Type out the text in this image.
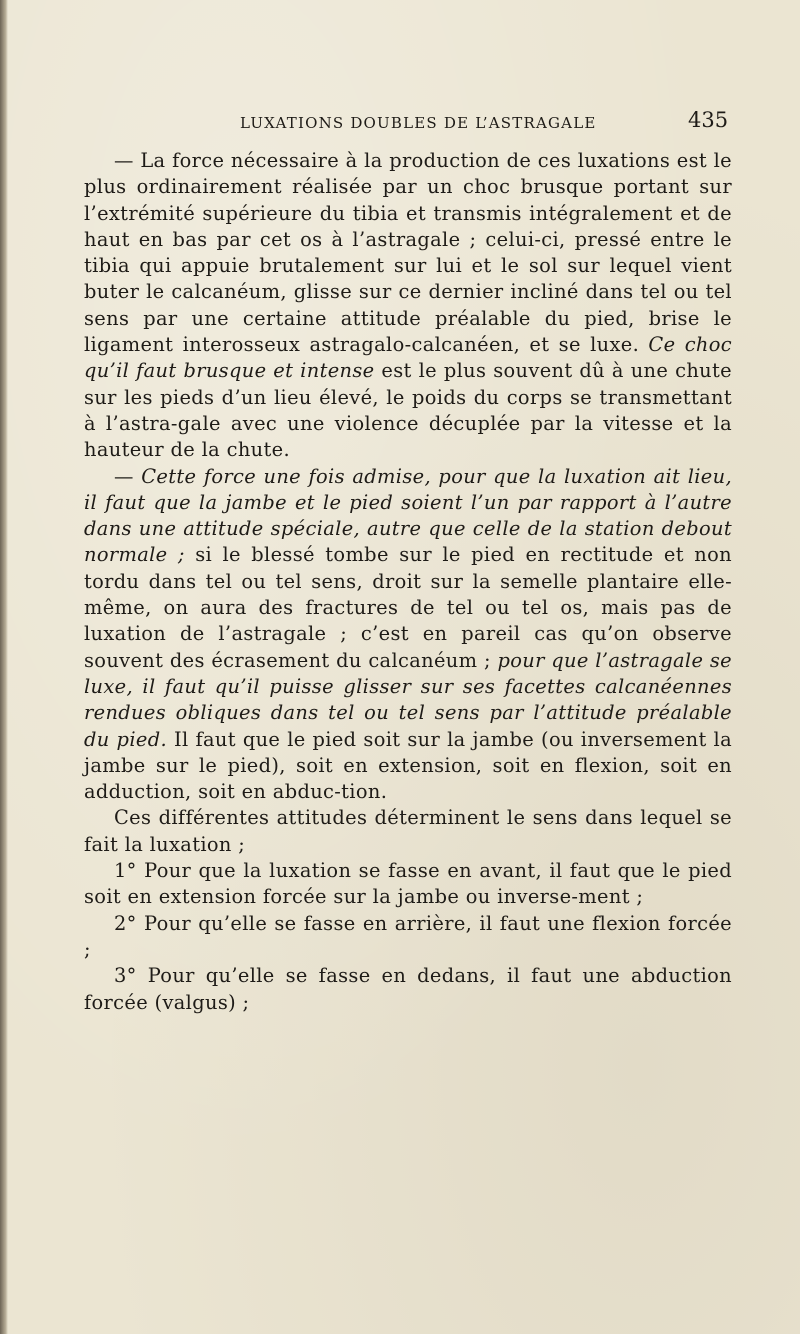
LUXATIONS DOUBLES DE L’ASTRAGALE	435

— La force nécessaire à la production de ces luxations est le plus ordinairement réalisée par un choc brusque portant sur l’extrémité supérieure du tibia et transmis intégralement et de haut en bas par cet os à l’astragale ; celui-ci, pressé entre le tibia qui appuie brutalement sur lui et le sol sur lequel vient buter le calcanéum, glisse sur ce dernier incliné dans tel ou tel sens par une certaine attitude préalable du pied, brise le ligament interosseux astragalo-calcanéen, et se luxe. Ce choc qu’il faut brusque et intense est le plus souvent dû à une chute sur les pieds d’un lieu élevé, le poids du corps se transmettant à l’astra-gale avec une violence décuplée par la vitesse et la hauteur de la chute.

— Cette force une fois admise, pour que la luxation ait lieu, il faut que la jambe et le pied soient l’un par rapport à l’autre dans une attitude spéciale, autre que celle de la station debout normale ; si le blessé tombe sur le pied en rectitude et non tordu dans tel ou tel sens, droit sur la semelle plantaire elle-même, on aura des fractures de tel ou tel os, mais pas de luxation de l’astragale ; c’est en pareil cas qu’on observe souvent des écrasement du calcanéum ; pour que l’astragale se luxe, il faut qu’il puisse glisser sur ses facettes calcanéennes rendues obliques dans tel ou tel sens par l’attitude préalable du pied. Il faut que le pied soit sur la jambe (ou inversement la jambe sur le pied), soit en extension, soit en flexion, soit en adduction, soit en abduc-tion.

Ces différentes attitudes déterminent le sens dans lequel se fait la luxation ;

1° Pour que la luxation se fasse en avant, il faut que le pied soit en extension forcée sur la jambe ou inverse-ment ;

2° Pour qu’elle se fasse en arrière, il faut une flexion forcée ;

3° Pour qu’elle se fasse en dedans, il faut une abduction forcée (valgus) ;
